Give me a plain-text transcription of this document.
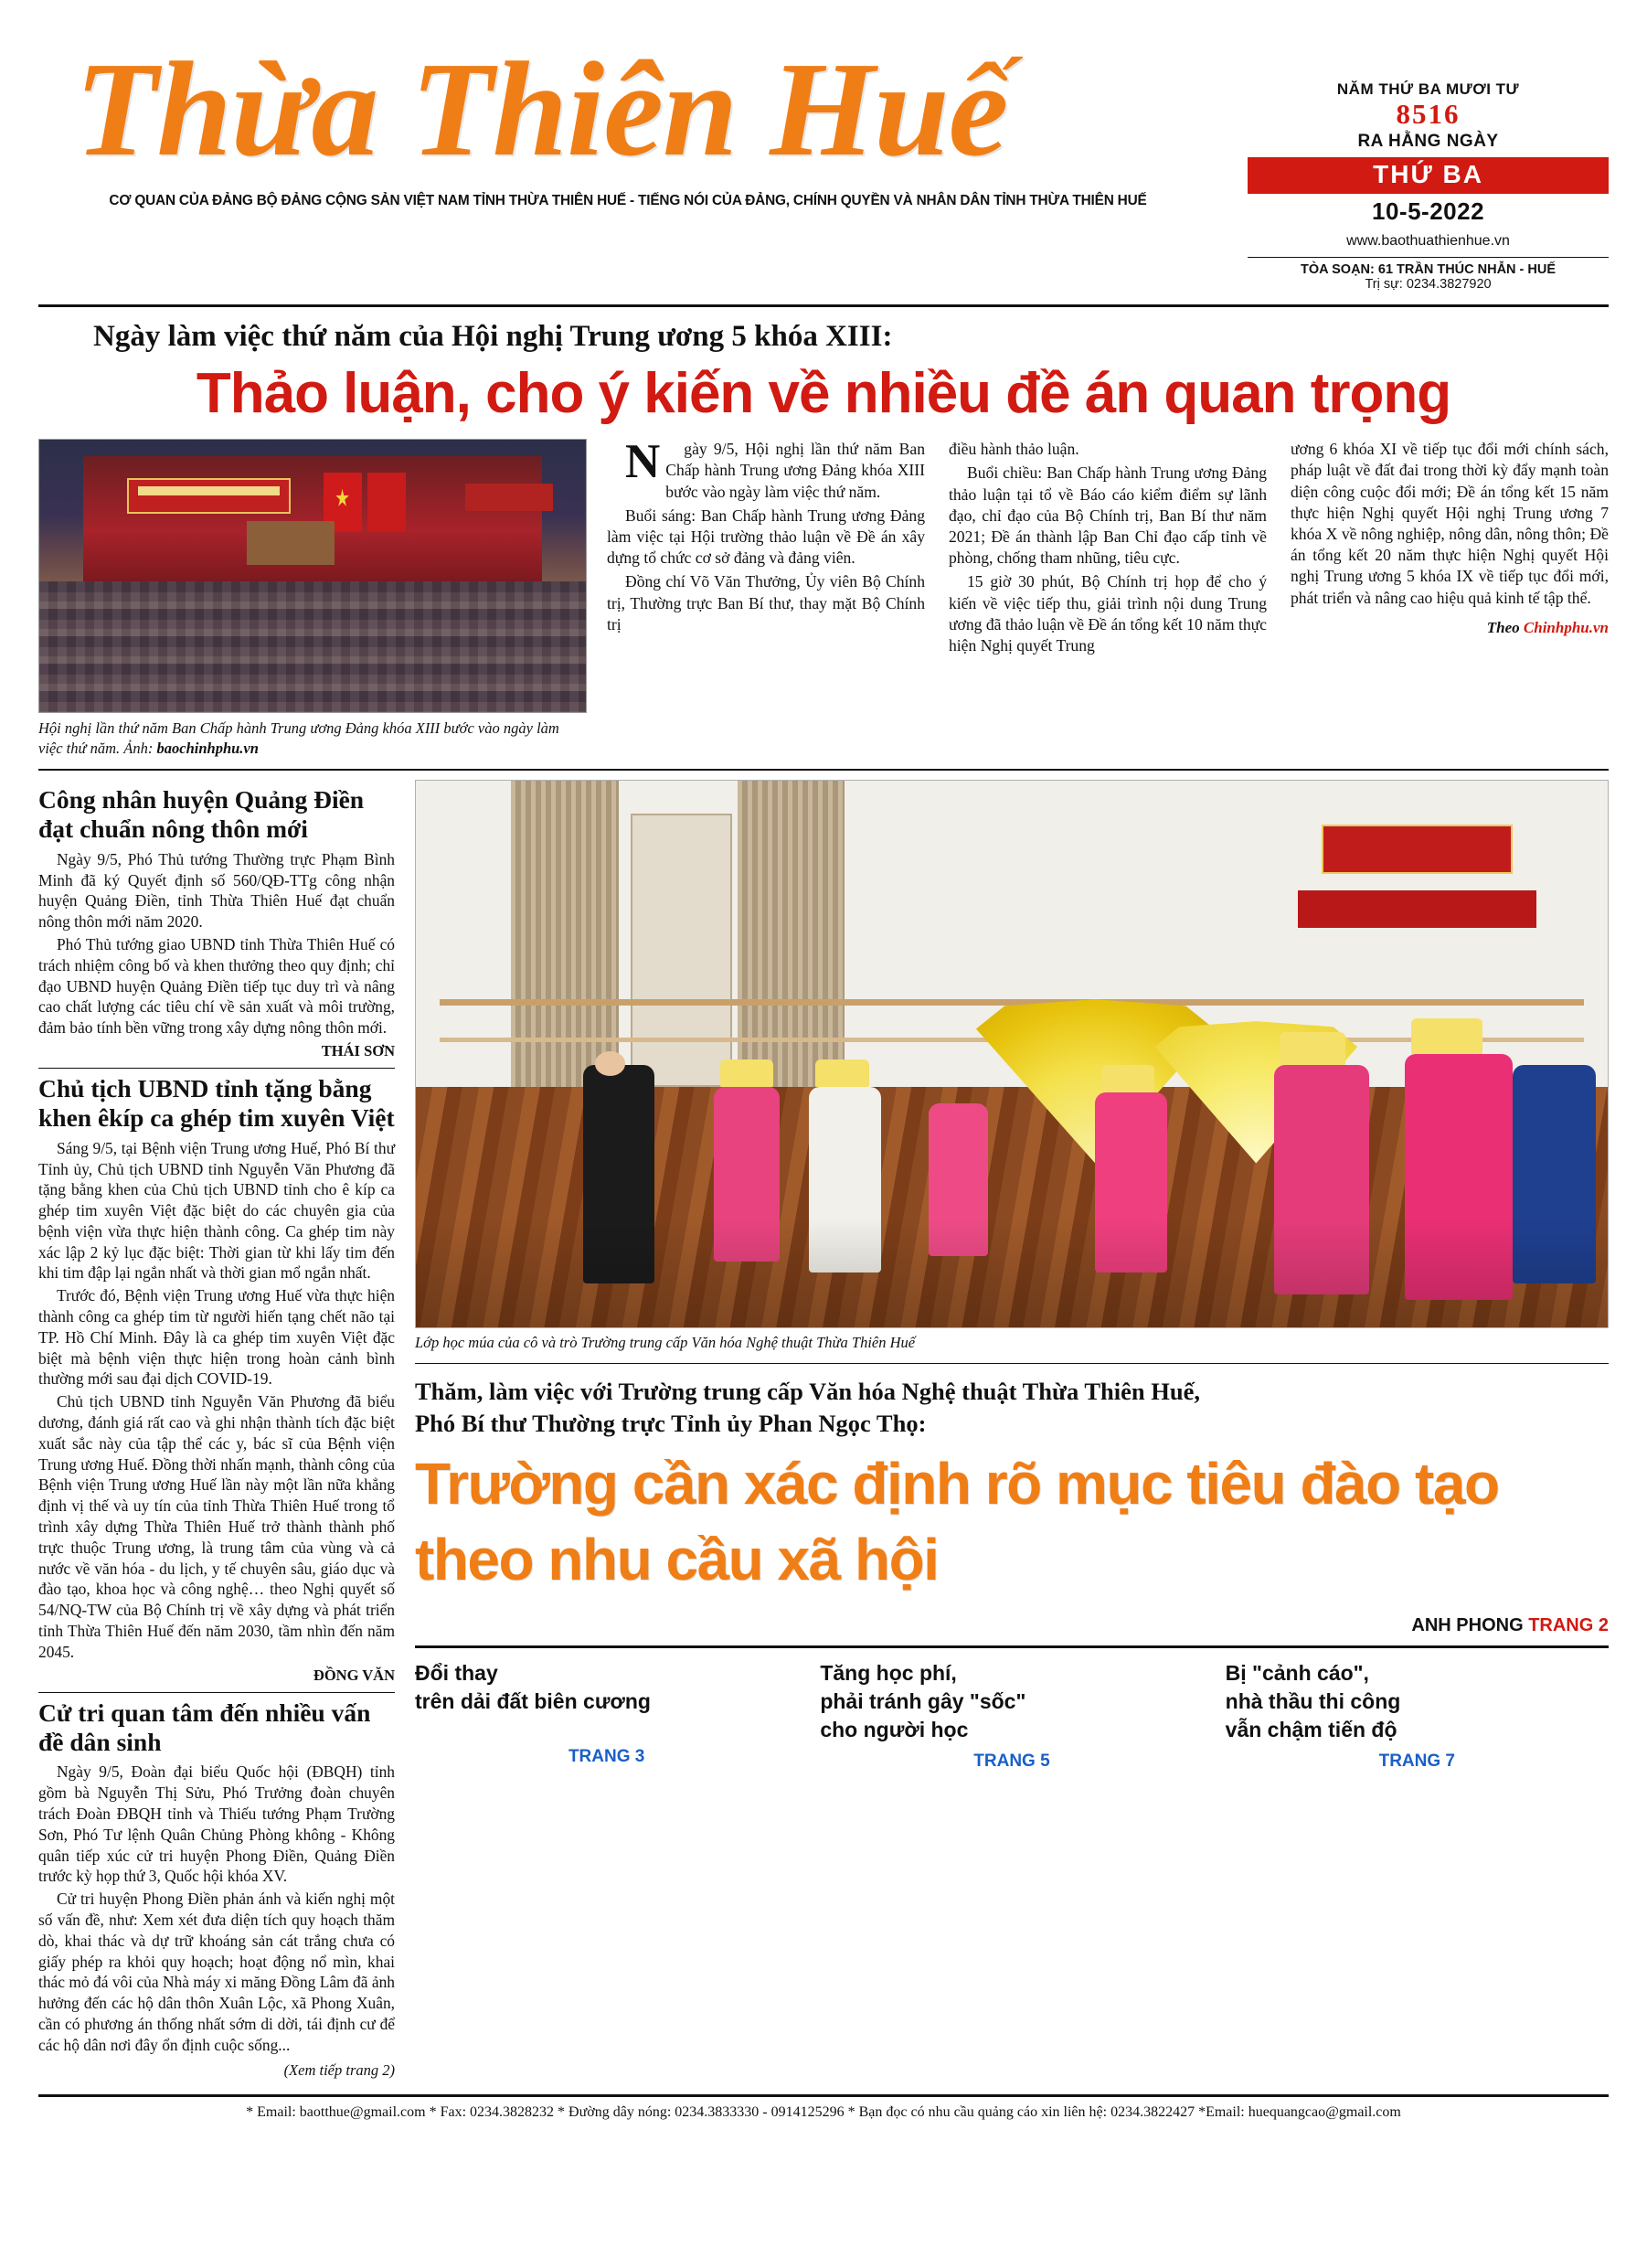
Thừa Thiên Huế
CƠ QUAN CỦA ĐẢNG BỘ ĐẢNG CỘNG SẢN VIỆT NAM TỈNH THỪA THIÊN HUẾ - TIẾNG NÓI CỦA ĐẢNG, CHÍNH QUYỀN VÀ NHÂN DÂN TỈNH THỪA THIÊN HUẾ
NĂM THỨ BA MƯƠI TƯ
8516
RA HẰNG NGÀY
THỨ BA
10-5-2022
www.baothuathienhue.vn
TÒA SOẠN: 61 TRẦN THÚC NHẪN - HUẾ
Trị sự: 0234.3827920
Ngày làm việc thứ năm của Hội nghị Trung ương 5 khóa XIII:
Thảo luận, cho ý kiến về nhiều đề án quan trọng
Hội nghị lần thứ năm Ban Chấp hành Trung ương Đảng khóa XIII bước vào ngày làm việc thứ năm. Ảnh: baochinhphu.vn

Ngày 9/5, Hội nghị lần thứ năm Ban Chấp hành Trung ương Đảng khóa XIII bước vào ngày làm việc thứ năm.

Buổi sáng: Ban Chấp hành Trung ương Đảng làm việc tại Hội trường thảo luận về Đề án xây dựng tổ chức cơ sở đảng và đảng viên.

Đồng chí Võ Văn Thưởng, Ủy viên Bộ Chính trị, Thường trực Ban Bí thư, thay mặt Bộ Chính trị

điều hành thảo luận.

Buổi chiều: Ban Chấp hành Trung ương Đảng thảo luận tại tổ về Báo cáo kiểm điểm sự lãnh đạo, chỉ đạo của Bộ Chính trị, Ban Bí thư năm 2021; Đề án thành lập Ban Chỉ đạo cấp tỉnh về phòng, chống tham nhũng, tiêu cực.

15 giờ 30 phút, Bộ Chính trị họp để cho ý kiến về việc tiếp thu, giải trình nội dung Trung ương đã thảo luận về Đề án tổng kết 10 năm thực hiện Nghị quyết Trung

ương 6 khóa XI về tiếp tục đổi mới chính sách, pháp luật về đất đai trong thời kỳ đẩy mạnh toàn diện công cuộc đổi mới; Đề án tổng kết 15 năm thực hiện Nghị quyết Hội nghị Trung ương 7 khóa X về nông nghiệp, nông dân, nông thôn; Đề án tổng kết 20 năm thực hiện Nghị quyết Hội nghị Trung ương 5 khóa IX về tiếp tục đổi mới, phát triển và nâng cao hiệu quả kinh tế tập thể.

Theo Chinhphu.vn
Công nhân huyện Quảng Điền đạt chuẩn nông thôn mới

Ngày 9/5, Phó Thủ tướng Thường trực Phạm Bình Minh đã ký Quyết định số 560/QĐ-TTg công nhận huyện Quảng Điền, tỉnh Thừa Thiên Huế đạt chuẩn nông thôn mới năm 2020.

Phó Thủ tướng giao UBND tỉnh Thừa Thiên Huế có trách nhiệm công bố và khen thưởng theo quy định; chỉ đạo UBND huyện Quảng Điền tiếp tục duy trì và nâng cao chất lượng các tiêu chí về sản xuất và môi trường, đảm bảo tính bền vững trong xây dựng nông thôn mới.

THÁI SƠN
Chủ tịch UBND tỉnh tặng bằng khen êkíp ca ghép tim xuyên Việt

Sáng 9/5, tại Bệnh viện Trung ương Huế, Phó Bí thư Tỉnh ủy, Chủ tịch UBND tỉnh Nguyễn Văn Phương đã tặng bằng khen của Chủ tịch UBND tỉnh cho ê kíp ca ghép tim xuyên Việt đặc biệt do các chuyên gia của bệnh viện vừa thực hiện thành công. Ca ghép tim này xác lập 2 kỷ lục đặc biệt: Thời gian từ khi lấy tim đến khi tim đập lại ngắn nhất và thời gian mổ ngắn nhất.

Trước đó, Bệnh viện Trung ương Huế vừa thực hiện thành công ca ghép tim từ người hiến tạng chết não tại TP. Hồ Chí Minh. Đây là ca ghép tim xuyên Việt đặc biệt mà bệnh viện thực hiện trong hoàn cảnh bình thường mới sau đại dịch COVID-19.

Chủ tịch UBND tỉnh Nguyễn Văn Phương đã biểu dương, đánh giá rất cao và ghi nhận thành tích đặc biệt xuất sắc này của tập thể các y, bác sĩ của Bệnh viện Trung ương Huế. Đồng thời nhấn mạnh, thành công của Bệnh viện Trung ương Huế lần này một lần nữa khẳng định vị thế và uy tín của tỉnh Thừa Thiên Huế trong tổ trình xây dựng Thừa Thiên Huế trở thành thành phố trực thuộc Trung ương, là trung tâm của vùng và cả nước về văn hóa - du lịch, y tế chuyên sâu, giáo dục và đào tạo, khoa học và công nghệ… theo Nghị quyết số 54/NQ-TW của Bộ Chính trị về xây dựng và phát triển tỉnh Thừa Thiên Huế đến năm 2030, tầm nhìn đến năm 2045.

ĐỒNG VĂN
Cử tri quan tâm đến nhiều vấn đề dân sinh

Ngày 9/5, Đoàn đại biểu Quốc hội (ĐBQH) tỉnh gồm bà Nguyễn Thị Sửu, Phó Trưởng đoàn chuyên trách Đoàn ĐBQH tỉnh và Thiếu tướng Phạm Trường Sơn, Phó Tư lệnh Quân Chủng Phòng không - Không quân tiếp xúc cử tri huyện Phong Điền, Quảng Điền trước kỳ họp thứ 3, Quốc hội khóa XV.

Cử tri huyện Phong Điền phản ánh và kiến nghị một số vấn đề, như: Xem xét đưa diện tích quy hoạch thăm dò, khai thác và dự trữ khoáng sản cát trắng chưa có giấy phép ra khỏi quy hoạch; hoạt động nổ mìn, khai thác mỏ đá vôi của Nhà máy xi măng Đồng Lâm đã ảnh hưởng đến các hộ dân thôn Xuân Lộc, xã Phong Xuân, cần có phương án thống nhất sớm di dời, tái định cư để các hộ dân nơi đây ổn định cuộc sống...

(Xem tiếp trang 2)
Lớp học múa của cô và trò Trường trung cấp Văn hóa Nghệ thuật Thừa Thiên Huế
Thăm, làm việc với Trường trung cấp Văn hóa Nghệ thuật Thừa Thiên Huế,
Phó Bí thư Thường trực Tỉnh ủy Phan Ngọc Thọ:
Trường cần xác định rõ mục tiêu đào tạo
theo nhu cầu xã hội
ANH PHONG TRANG 2
Đổi thay
trên dải đất biên cương
TRANG 3
Tăng học phí,
phải tránh gây "sốc"
cho người học
TRANG 5
Bị "cảnh cáo",
nhà thầu thi công
vẫn chậm tiến độ
TRANG 7
* Email: baotthue@gmail.com * Fax: 0234.3828232 * Đường dây nóng: 0234.3833330 - 0914125296 * Bạn đọc có nhu cầu quảng cáo xin liên hệ: 0234.3822427 *Email: huequangcao@gmail.com
